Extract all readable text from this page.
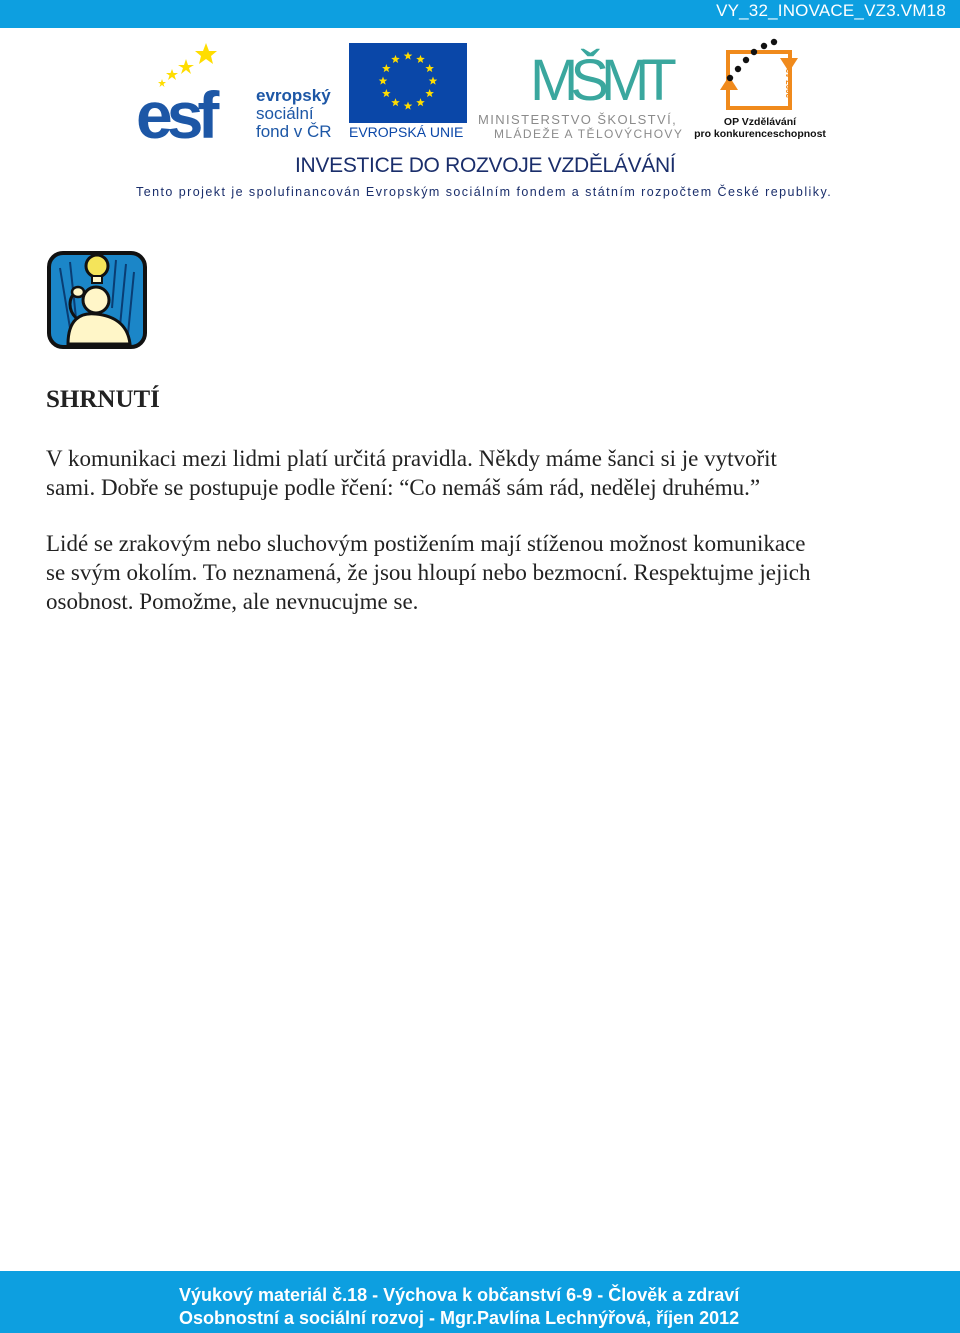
VY_32_INOVACE_VZ3.VM18
esf	evropský
sociální
fond v ČR EVROPSKÁ UNIE
MŠMT
MINISTERSTVO ŠKOLSTVÍ,
MLÁDEŽE A TĚLOVÝCHOVY
2007-13
OP Vzdělávání
pro konkurenceschopnost
INVESTICE DO ROZVOJE VZDĚLÁVÁNÍ
Tento projekt je spolufinancován Evropským sociálním fondem a státním rozpočtem České republiky.
SHRNUTÍ

V komunikaci mezi lidmi platí určitá pravidla. Někdy máme šanci si je vytvořit

sami. Dobře se postupuje podle řčení: “Co nemáš sám rád, nedělej druhému.”

Lidé se zrakovým nebo sluchovým postižením mají stíženou možnost komunikace

se svým okolím. To neznamená, že jsou hloupí nebo bezmocní. Respektujme jejich

osobnost. Pomožme, ale nevnucujme se.

Výukový materiál č.18 - Výchova k občanství 6-9 - Člověk a zdraví
Osobnostní a sociální rozvoj - Mgr.Pavlína Lechnýřová, říjen 2012
